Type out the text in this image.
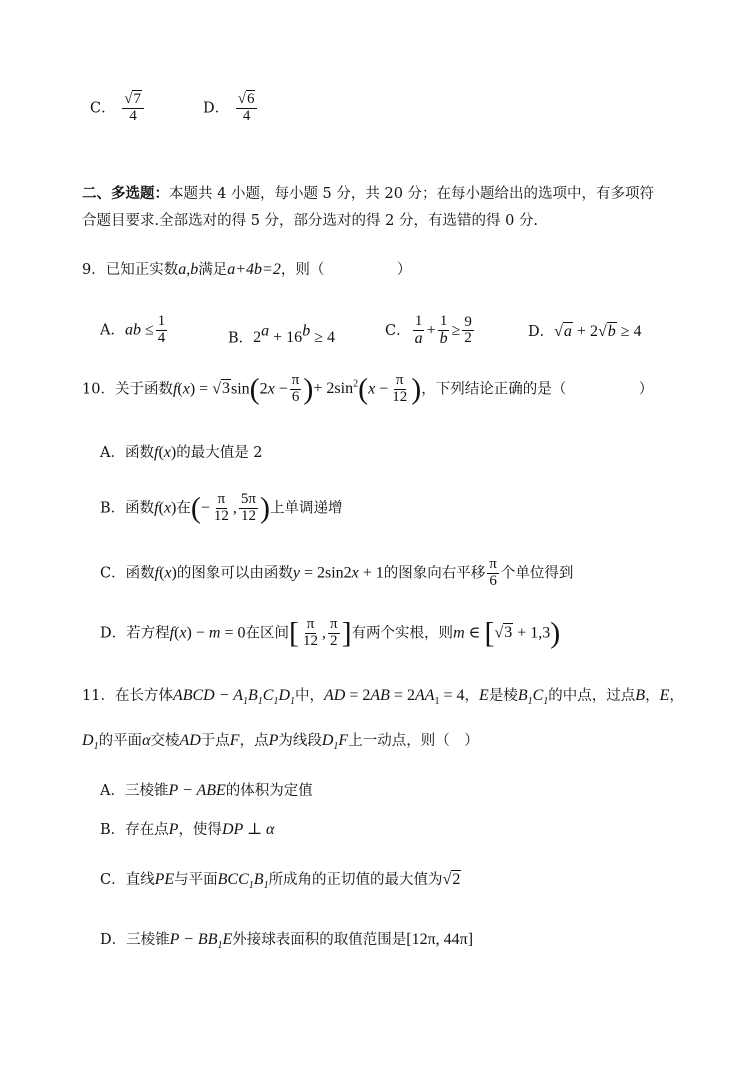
C． $\frac{√7}{4}$	D． $\frac{√6}{4}$
二、多选题：本题共 4 小题，每小题 5 分，共 20 分；在每小题给出的选项中，有多项符
合题目要求.全部选对的得 5 分，部分选对的得 2 分，有选错的得 0 分.
9．已知正实数a,b满足a+4b=2，则（　　　　　）
A．ab ≤ $\frac{1}{4}$	B．$2^a + 16^b \ge 4$	C． $\frac{1}{a} + \frac{1}{b} \ge \frac{9}{2}$	D．√a + 2√b ≥ 4
10．关于函数$f(x) = √3\sin(2x - \frac{\pi}{6}$ )+ $2\sin^2(x - \frac{\pi}{12}$ )，下列结论正确的是（　　　　　）
A．函数f(x)的最大值是 2
B．函数f(x)在(− $\frac{\pi}{12}$ , $\frac{5\pi}{12}$ )上单调递增
C．函数f(x)的图象可以由函数y = 2sin2x + 1的图象向右平移 $\frac{\pi}{6}$ 个单位得到
D．若方程f(x) − m = 0在区间[ $\frac{\pi}{12}$ , $\frac{\pi}{2}$ ]有两个实根，则m ∈ [√3 + 1,3)
11．在长方体ABCD − $A_1B_1C_1D_1$中，AD = $2AB = 2AA_1 = 4$，E是棱$B_1C_1$的中点，过点B，E，
$D_1$的平面α交棱AD于点F，点P为线段$D_1F$上一动点，则（　）
A．三棱锥P − ABE的体积为定值
B．存在点P，使得DP ⊥ α
C．直线PE与平面$BCC_1B_1$所成角的正切值的最大值为√2
D．三棱锥$P - BB_1E$外接球表面积的取值范围是[12π, 44π]
